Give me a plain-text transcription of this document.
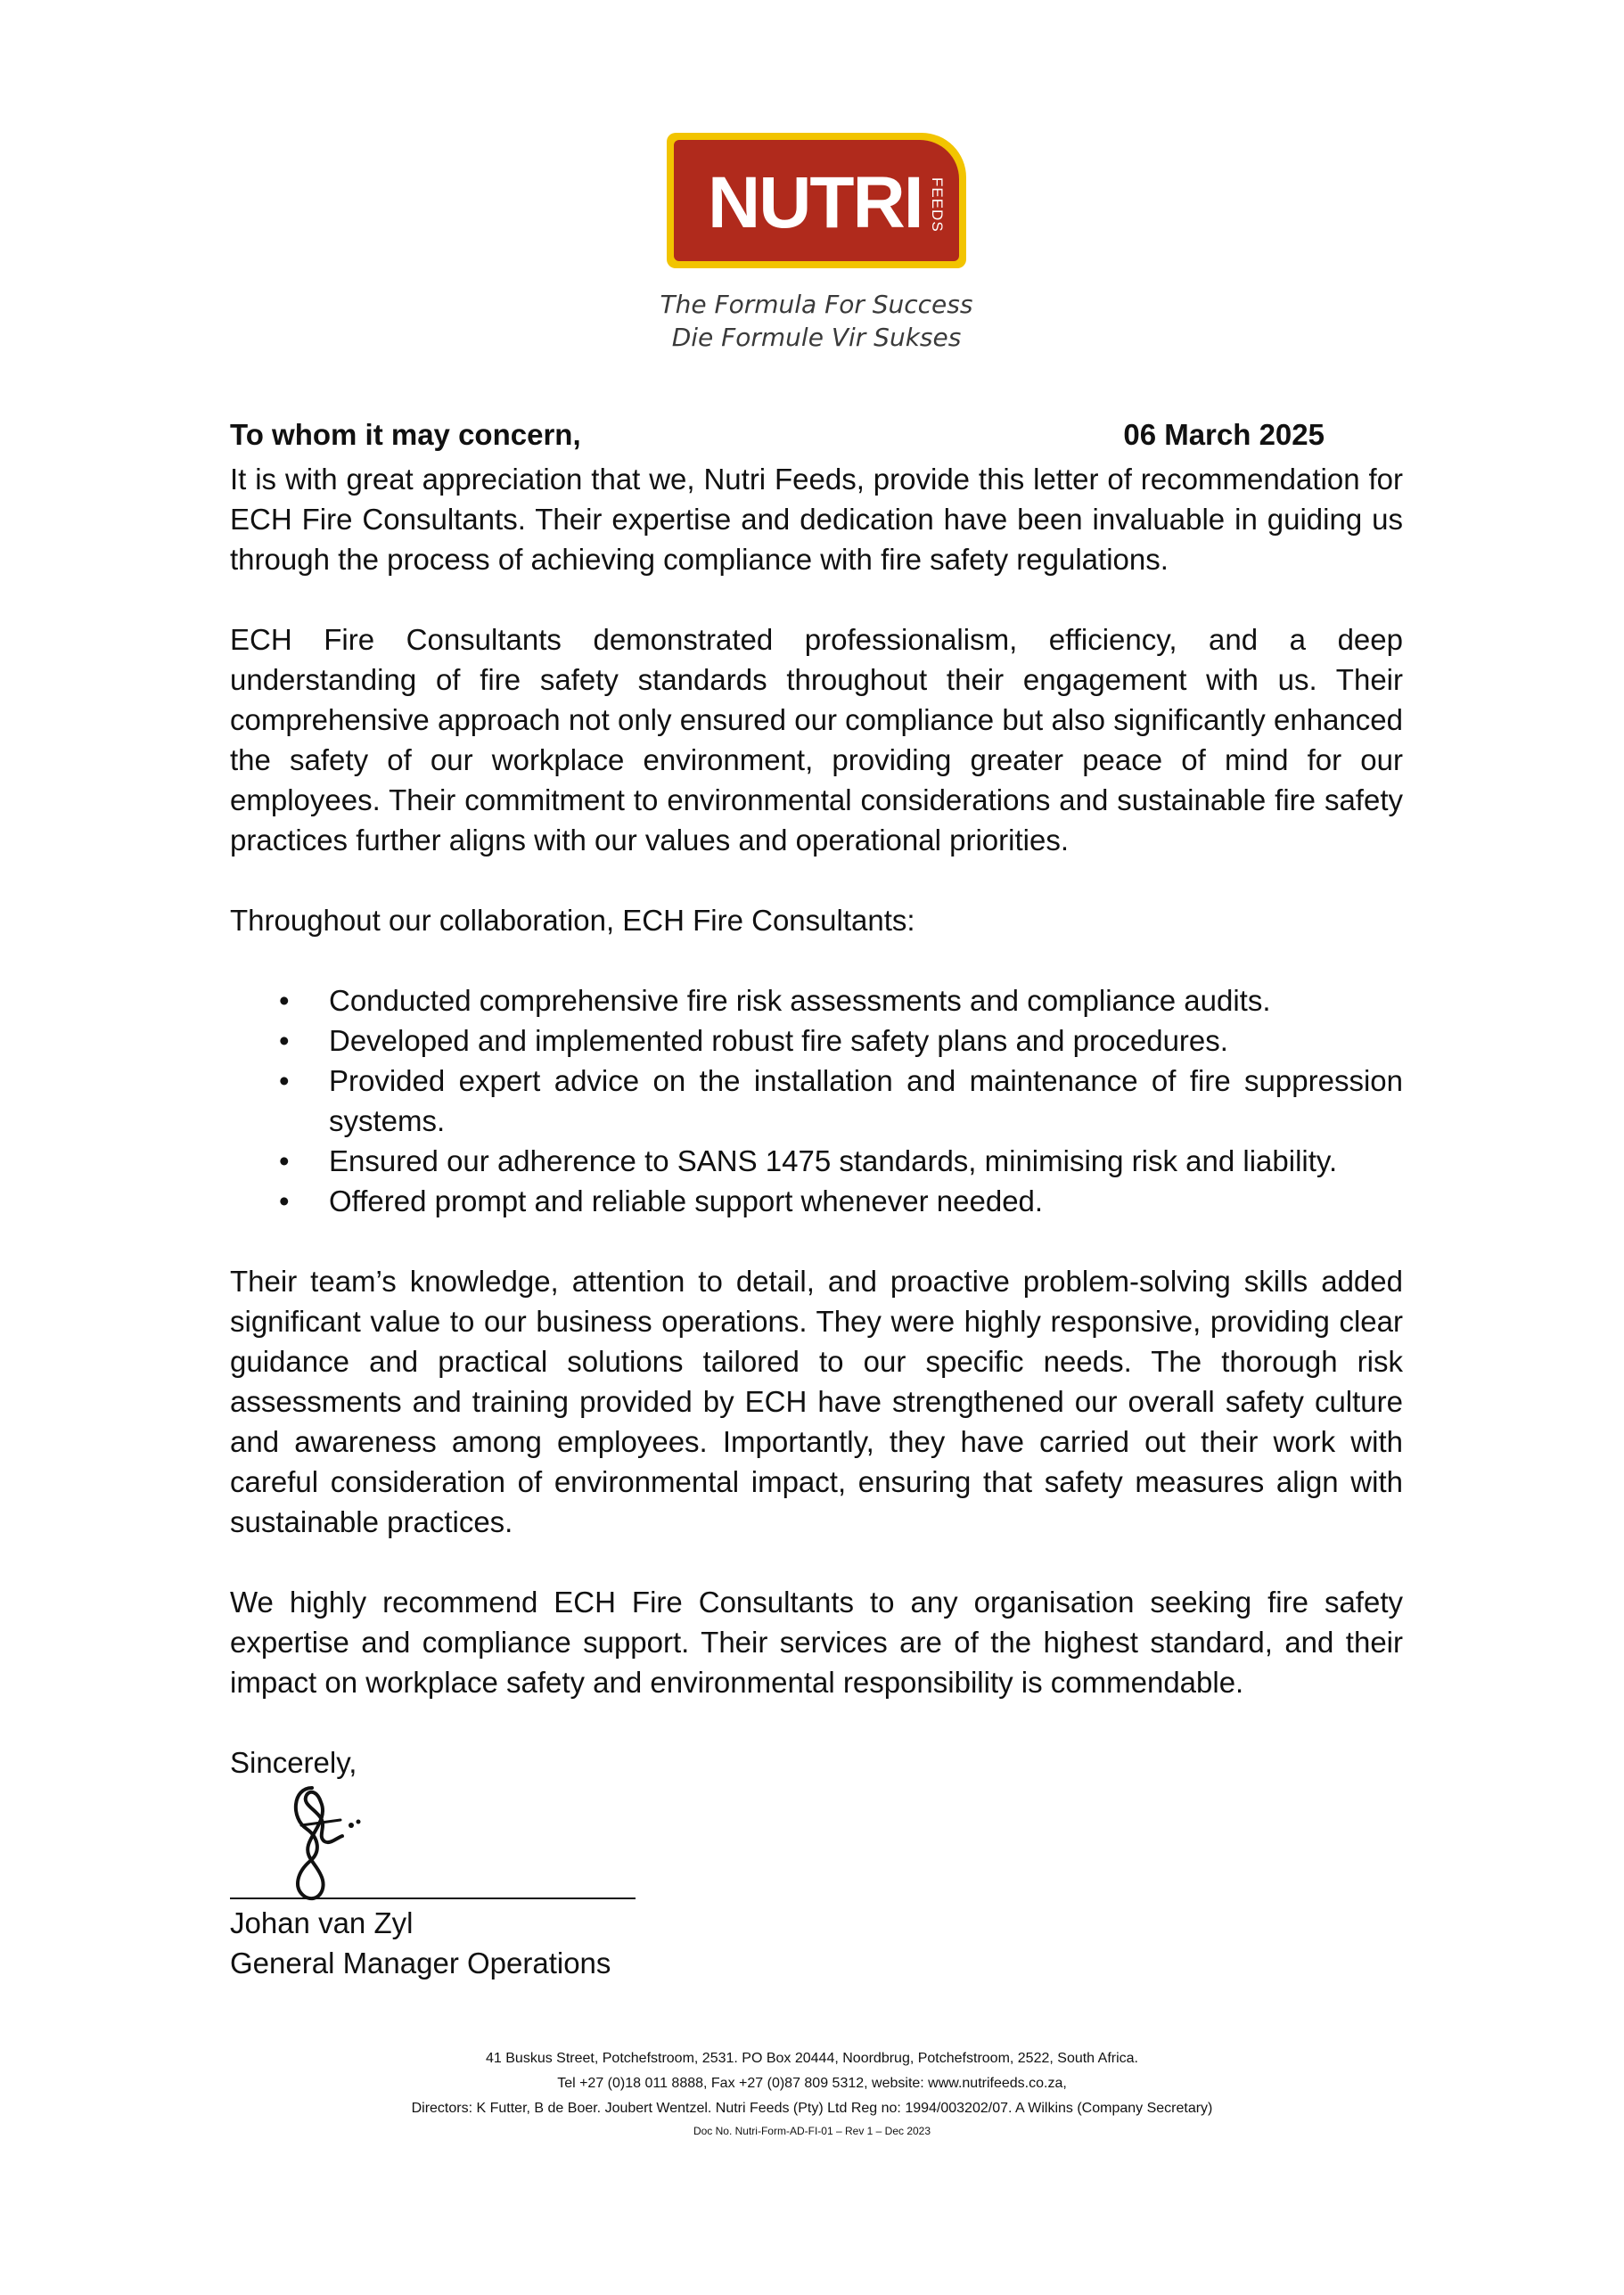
NUTRI FEEDS
The Formula For Success
Die Formule Vir Sukses
To whom it may concern,	06 March 2025

It is with great appreciation that we, Nutri Feeds, provide this letter of recommendation for ECH Fire Consultants. Their expertise and dedication have been invaluable in guiding us through the process of achieving compliance with fire safety regulations.

ECH Fire Consultants demonstrated professionalism, efficiency, and a deep understanding of fire safety standards throughout their engagement with us. Their comprehensive approach not only ensured our compliance but also significantly enhanced the safety of our workplace environment, providing greater peace of mind for our employees. Their commitment to environmental considerations and sustainable fire safety practices further aligns with our values and operational priorities.

Throughout our collaboration, ECH Fire Consultants:

• Conducted comprehensive fire risk assessments and compliance audits.
• Developed and implemented robust fire safety plans and procedures.
• Provided expert advice on the installation and maintenance of fire suppression systems.
• Ensured our adherence to SANS 1475 standards, minimising risk and liability.
• Offered prompt and reliable support whenever needed.

Their team’s knowledge, attention to detail, and proactive problem-solving skills added significant value to our business operations. They were highly responsive, providing clear guidance and practical solutions tailored to our specific needs. The thorough risk assessments and training provided by ECH have strengthened our overall safety culture and awareness among employees. Importantly, they have carried out their work with careful consideration of environmental impact, ensuring that safety measures align with sustainable practices.

We highly recommend ECH Fire Consultants to any organisation seeking fire safety expertise and compliance support. Their services are of the highest standard, and their impact on workplace safety and environmental responsibility is commendable.

Sincerely,
Johan van Zyl
General Manager Operations
41 Buskus Street, Potchefstroom, 2531. PO Box 20444, Noordbrug, Potchefstroom, 2522, South Africa.
Tel +27 (0)18 011 8888, Fax +27 (0)87 809 5312, website: www.nutrifeeds.co.za,
Directors: K Futter, B de Boer. Joubert Wentzel. Nutri Feeds (Pty) Ltd Reg no: 1994/003202/07. A Wilkins (Company Secretary)
Doc No. Nutri-Form-AD-FI-01 – Rev 1 – Dec 2023
